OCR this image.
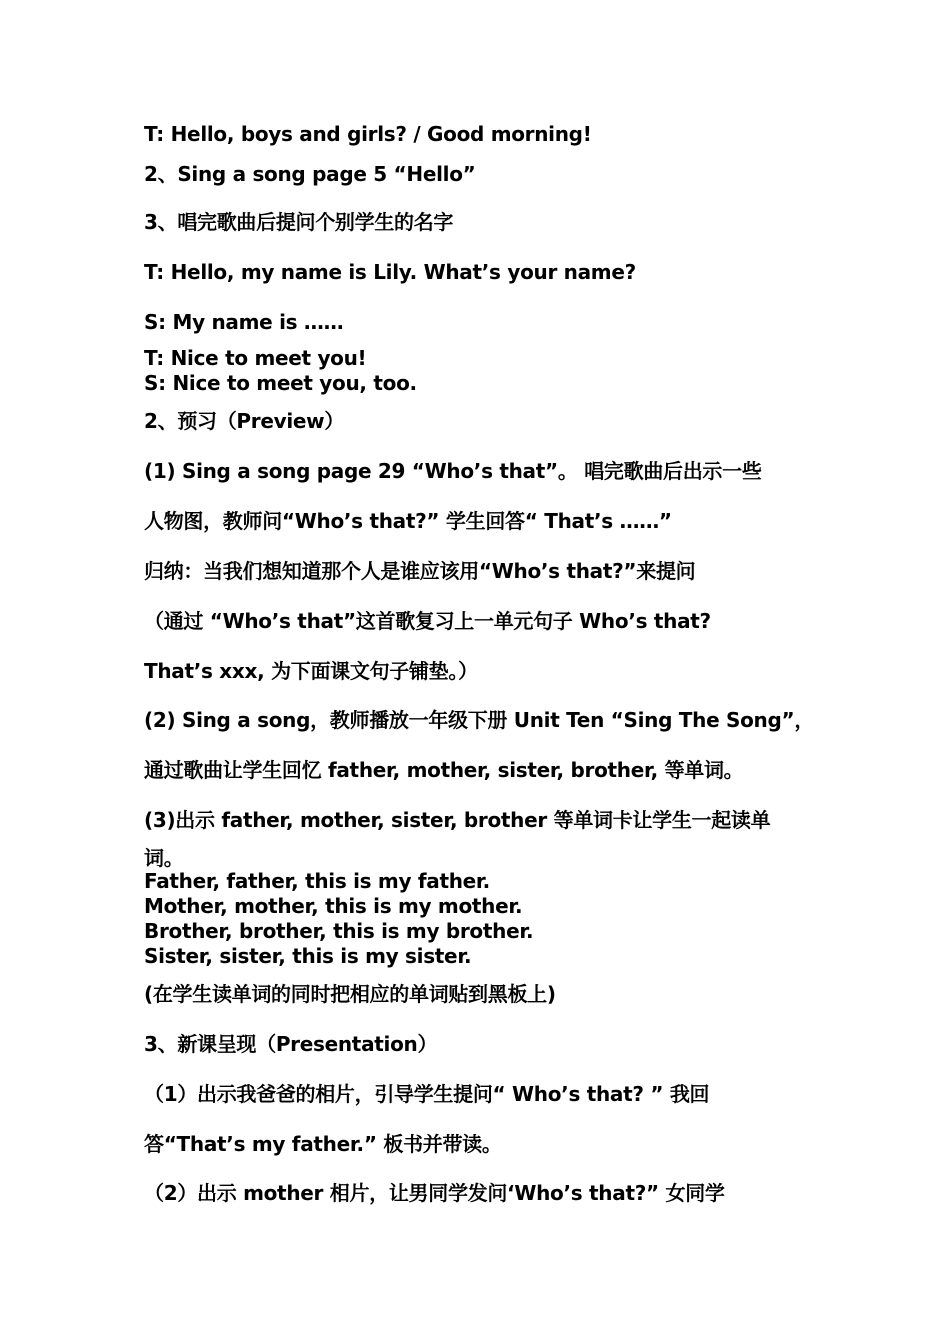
T: Hello, boys and girls? / Good morning!

2、Sing a song page 5 “Hello”

3、唱完歌曲后提问个别学生的名字

T: Hello, my name is Lily. What’s your name?

S: My name is ……

T: Nice to meet you!

S: Nice to meet you, too.

2、预习（Preview）

(1) Sing a song page 29 “Who’s that”。 唱完歌曲后出示一些

人物图，教师问“Who’s that?” 学生回答“ That’s ……”

归纳：当我们想知道那个人是谁应该用“Who’s that?”来提问

（通过 “Who’s that”这首歌复习上一单元句子 Who’s that?

That’s xxx, 为下面课文句子铺垫。）

(2) Sing a song，教师播放一年级下册 Unit Ten “Sing The Song”，

通过歌曲让学生回忆 father, mother, sister, brother, 等单词。

(3)出示 father, mother, sister, brother 等单词卡让学生一起读单

词。

Father, father, this is my father.

Mother, mother, this is my mother.

Brother, brother, this is my brother.

Sister, sister, this is my sister.

(在学生读单词的同时把相应的单词贴到黑板上)

3、新课呈现（Presentation）

（1）出示我爸爸的相片，引导学生提问“ Who’s that? ” 我回

答“That’s my father.” 板书并带读。

（2）出示 mother 相片，让男同学发问‘Who’s that?” 女同学
